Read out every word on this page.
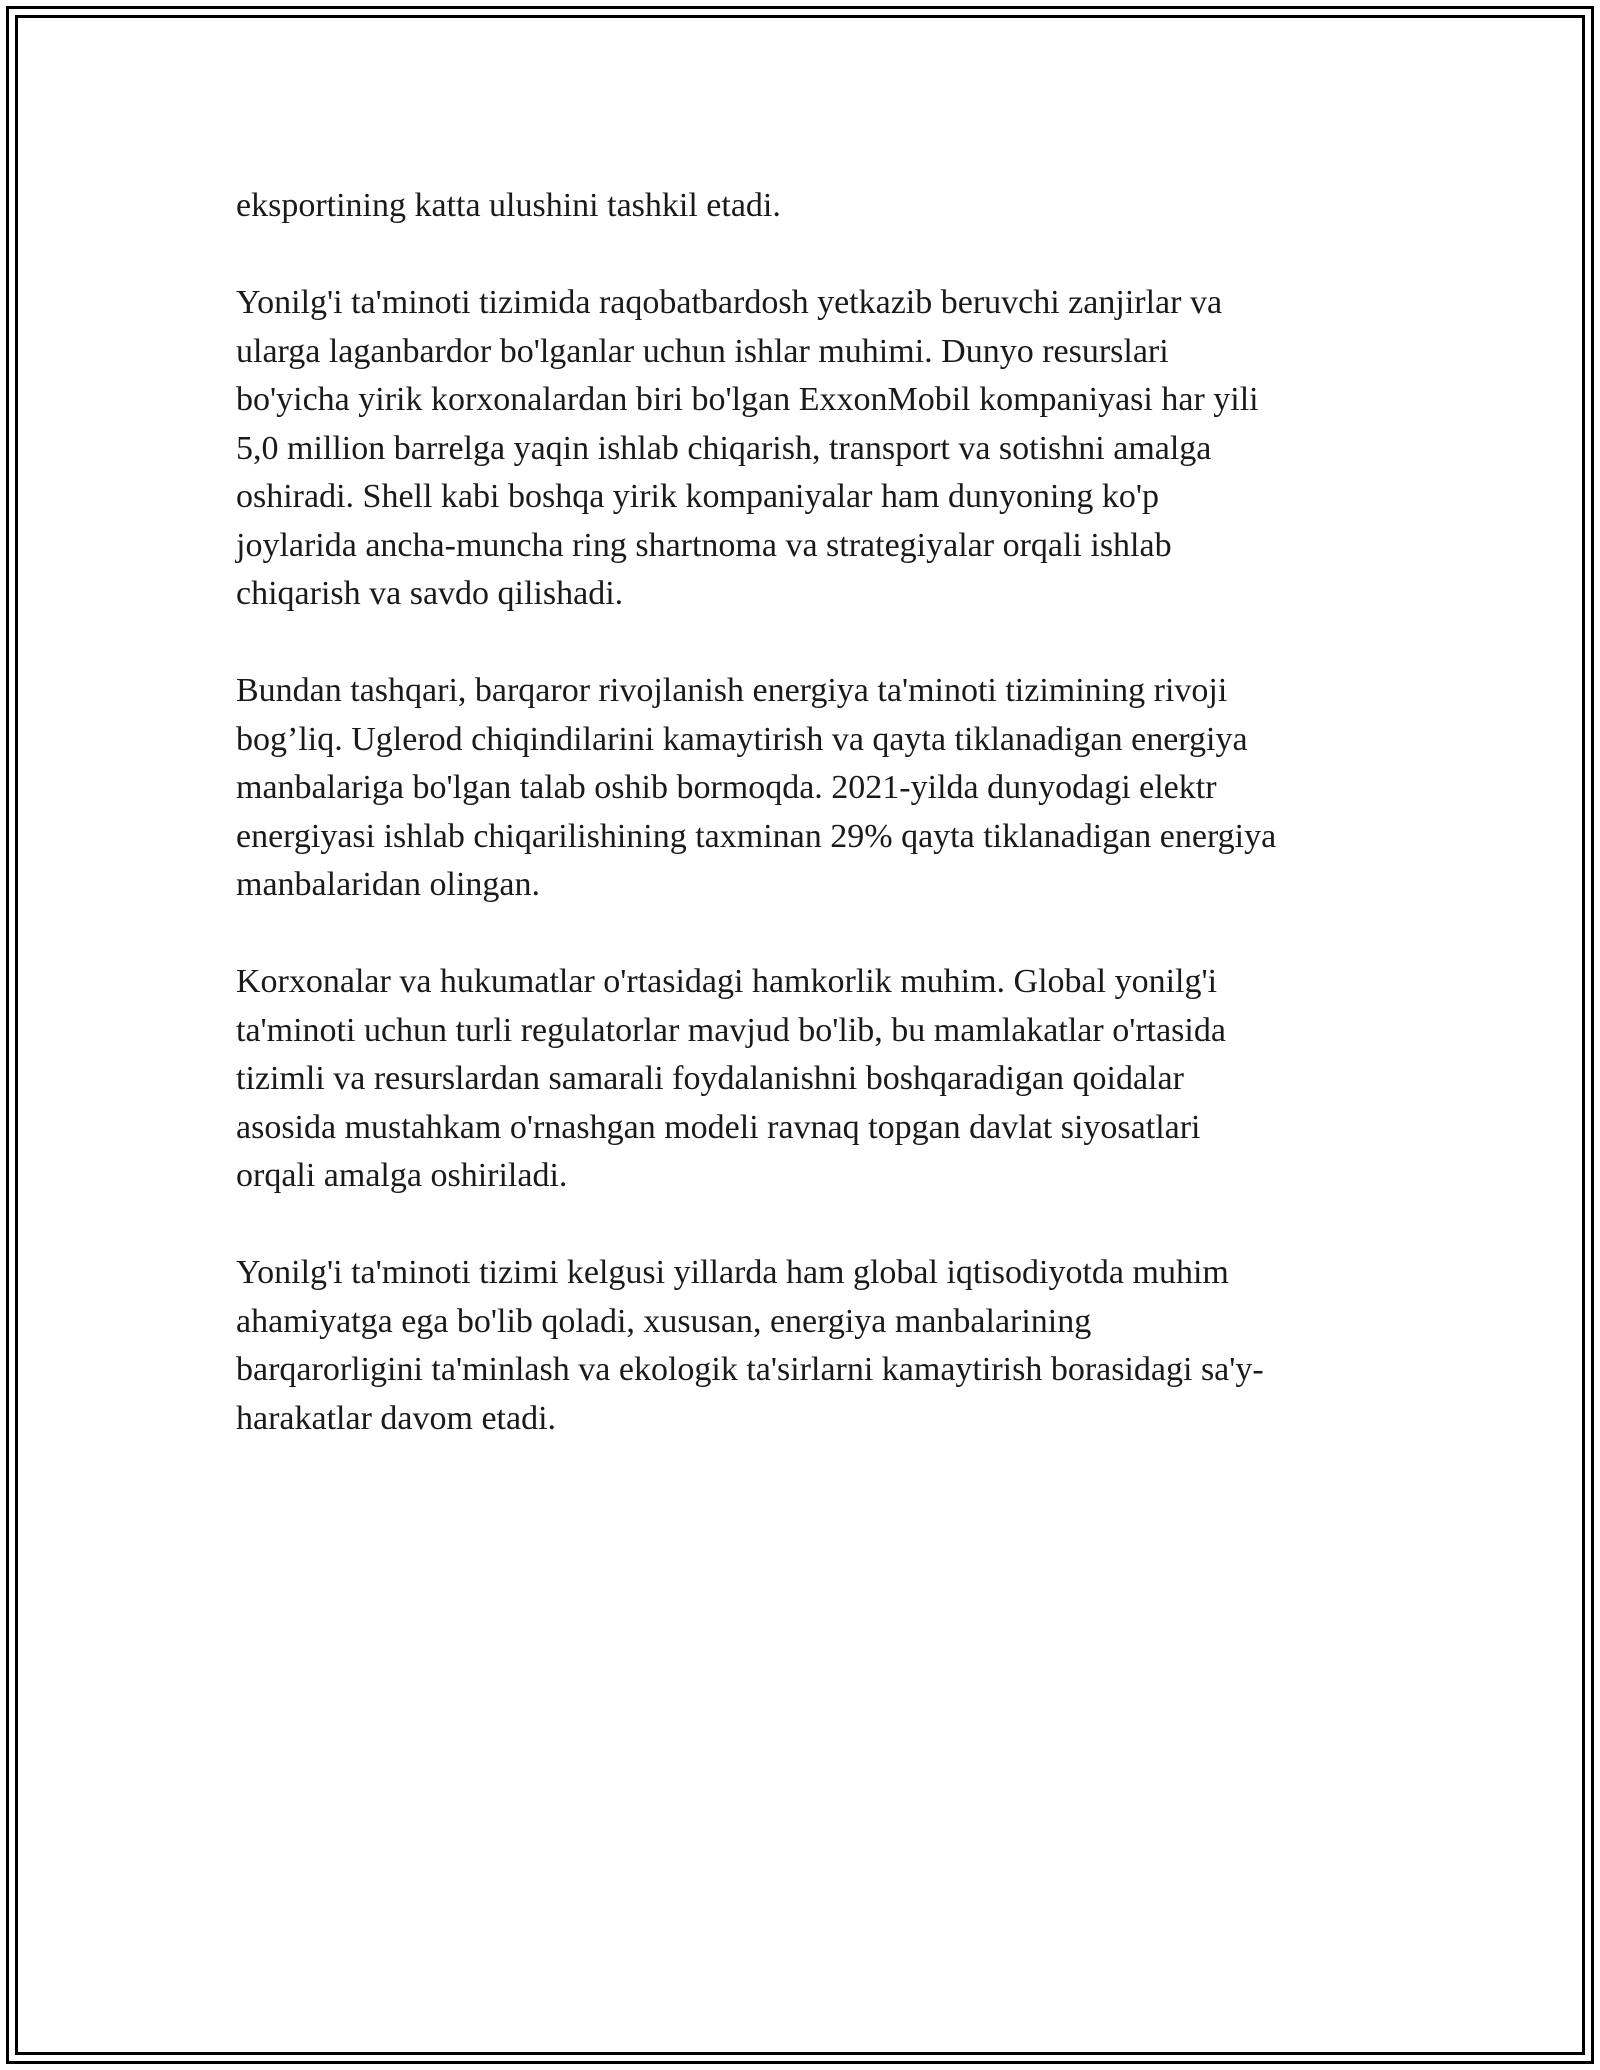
eksportining katta ulushini tashkil etadi.

Yonilg'i ta'minoti tizimida raqobatbardosh yetkazib beruvchi zanjirlar va
ularga laganbardor bo'lganlar uchun ishlar muhimi. Dunyo resurslari
bo'yicha yirik korxonalardan biri bo'lgan ExxonMobil kompaniyasi har yili
5,0 million barrelga yaqin ishlab chiqarish, transport va sotishni amalga
oshiradi. Shell kabi boshqa yirik kompaniyalar ham dunyoning ko'p
joylarida ancha-muncha ring shartnoma va strategiyalar orqali ishlab
chiqarish va savdo qilishadi.

Bundan tashqari, barqaror rivojlanish energiya ta'minoti tizimining rivoji
bog’liq. Uglerod chiqindilarini kamaytirish va qayta tiklanadigan energiya
manbalariga bo'lgan talab oshib bormoqda. 2021-yilda dunyodagi elektr
energiyasi ishlab chiqarilishining taxminan 29% qayta tiklanadigan energiya
manbalaridan olingan.

Korxonalar va hukumatlar o'rtasidagi hamkorlik muhim. Global yonilg'i
ta'minoti uchun turli regulatorlar mavjud bo'lib, bu mamlakatlar o'rtasida
tizimli va resurslardan samarali foydalanishni boshqaradigan qoidalar
asosida mustahkam o'rnashgan modeli ravnaq topgan davlat siyosatlari
orqali amalga oshiriladi.

Yonilg'i ta'minoti tizimi kelgusi yillarda ham global iqtisodiyotda muhim
ahamiyatga ega bo'lib qoladi, xususan, energiya manbalarining
barqarorligini ta'minlash va ekologik ta'sirlarni kamaytirish borasidagi sa'y-
harakatlar davom etadi.
